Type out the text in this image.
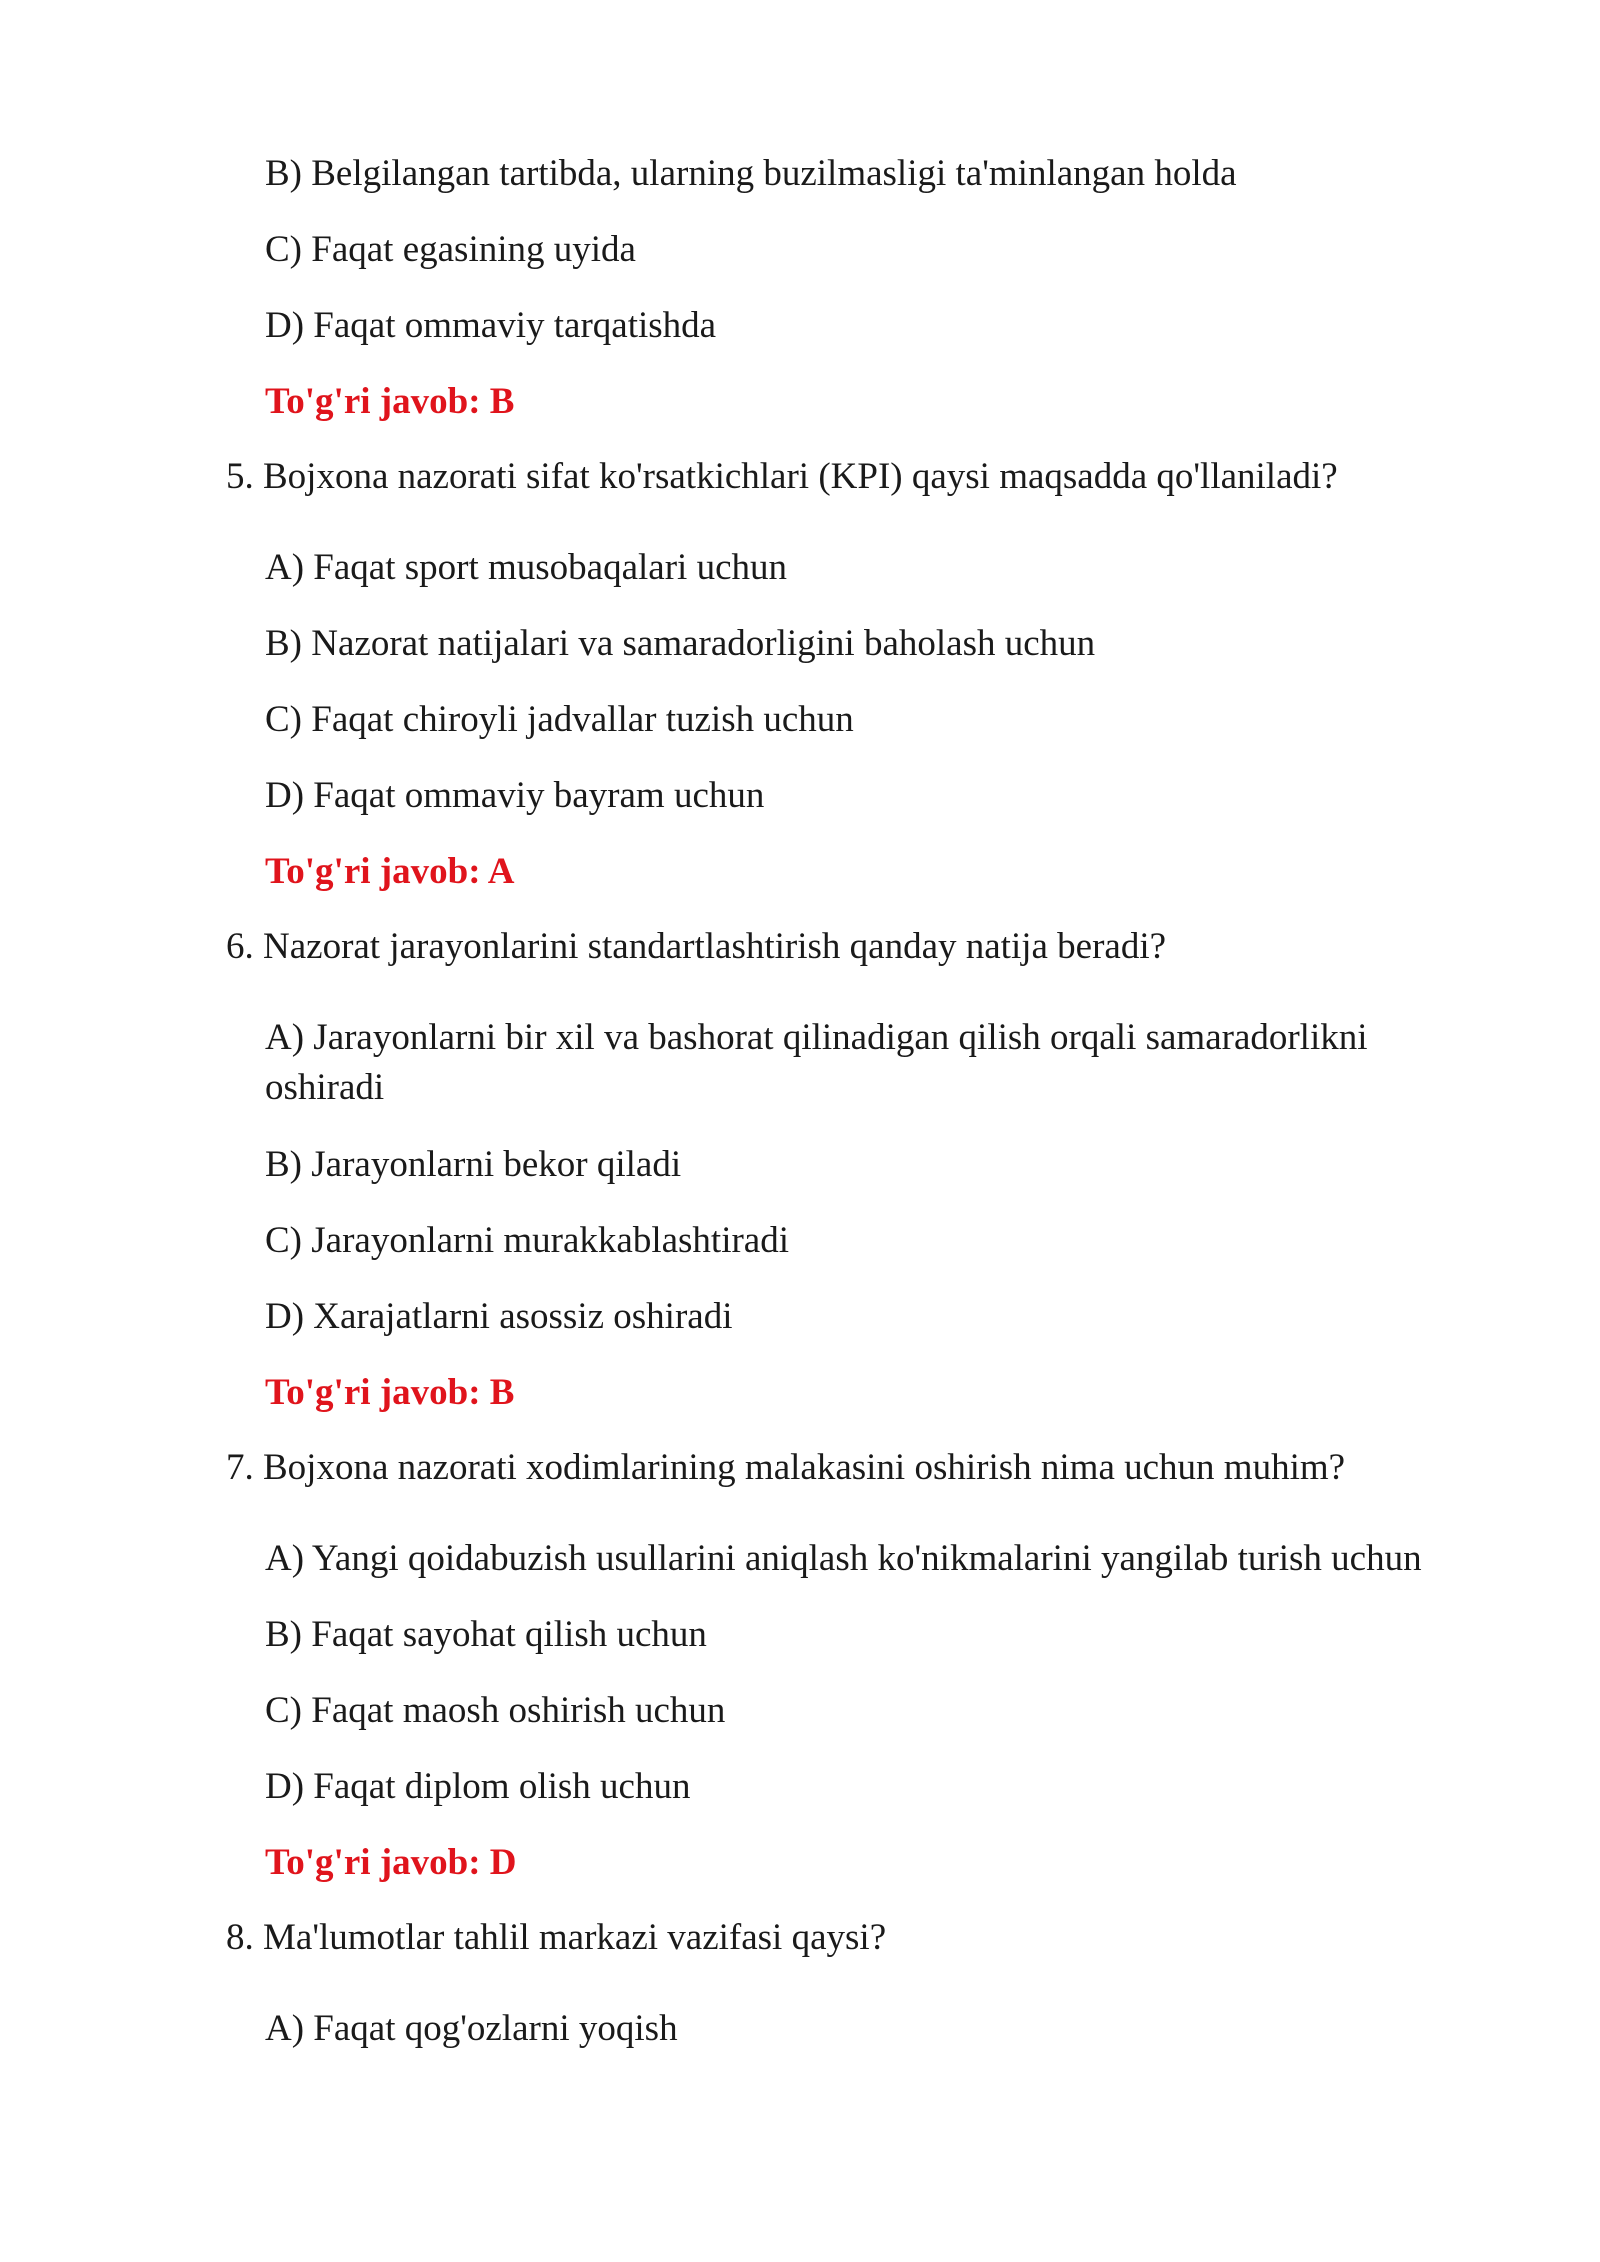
B) Belgilangan tartibda, ularning buzilmasligi ta'minlangan holda
C) Faqat egasining uyida
D) Faqat ommaviy tarqatishda
To'g'ri javob: B
5. Bojxona nazorati sifat ko'rsatkichlari (KPI) qaysi maqsadda qo'llaniladi?
A) Faqat sport musobaqalari uchun
B) Nazorat natijalari va samaradorligini baholash uchun
C) Faqat chiroyli jadvallar tuzish uchun
D) Faqat ommaviy bayram uchun
To'g'ri javob: A
6. Nazorat jarayonlarini standartlashtirish qanday natija beradi?
A) Jarayonlarni bir xil va bashorat qilinadigan qilish orqali samaradorlikni oshiradi
B) Jarayonlarni bekor qiladi
C) Jarayonlarni murakkablashtiradi
D) Xarajatlarni asossiz oshiradi
To'g'ri javob: B
7. Bojxona nazorati xodimlarining malakasini oshirish nima uchun muhim?
A) Yangi qoidabuzish usullarini aniqlash ko'nikmalarini yangilab turish uchun
B) Faqat sayohat qilish uchun
C) Faqat maosh oshirish uchun
D) Faqat diplom olish uchun
To'g'ri javob: D
8. Ma'lumotlar tahlil markazi vazifasi qaysi?
A) Faqat qog'ozlarni yoqish
